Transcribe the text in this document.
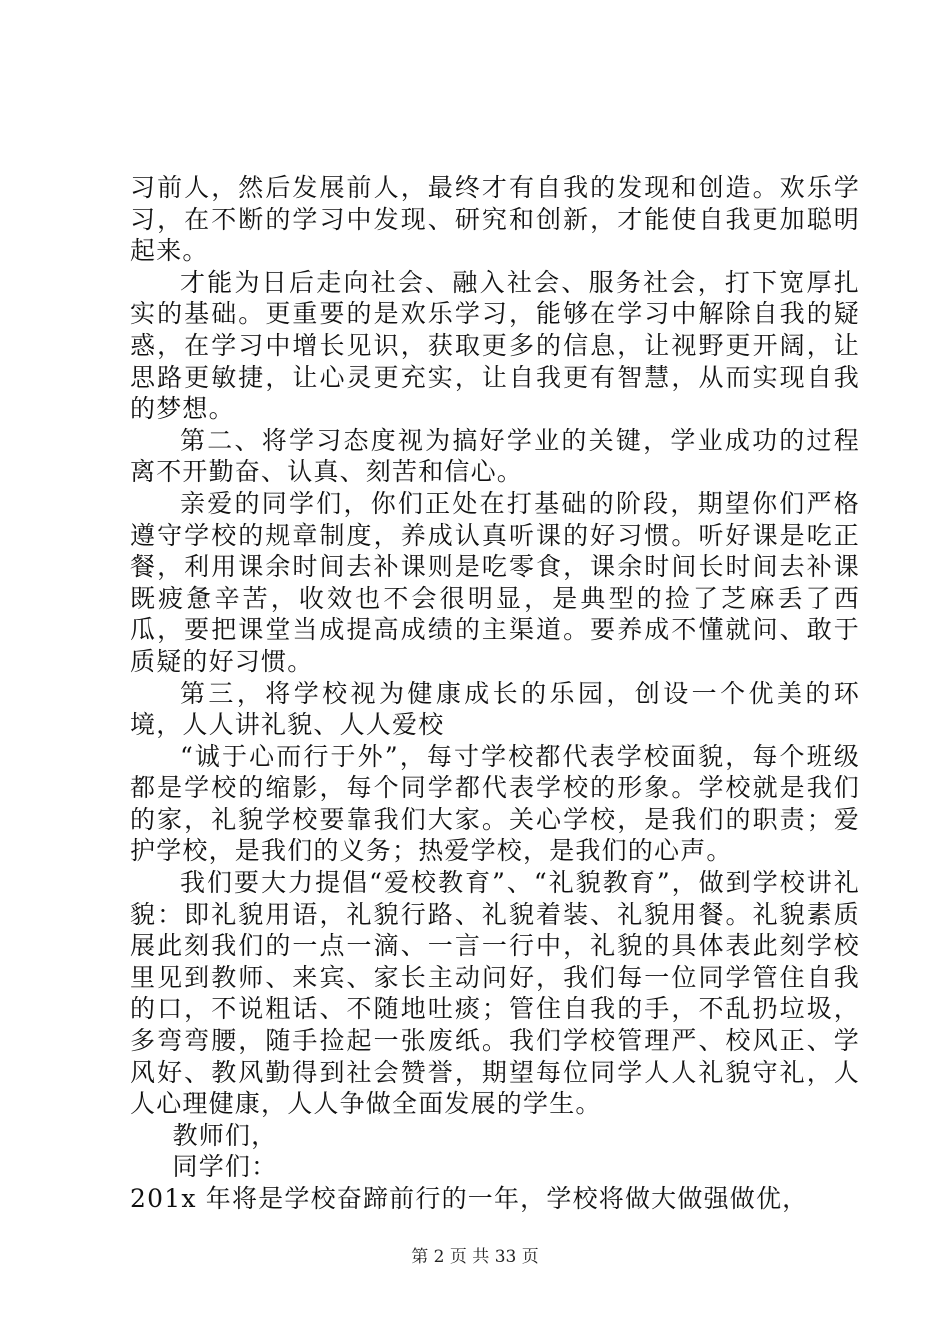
习前人，然后发展前人，最终才有自我的发现和创造。欢乐学习，在不断的学习中发现、研究和创新，才能使自我更加聪明起来。

才能为日后走向社会、融入社会、服务社会，打下宽厚扎实的基础。更重要的是欢乐学习，能够在学习中解除自我的疑惑，在学习中增长见识，获取更多的信息，让视野更开阔，让思路更敏捷，让心灵更充实，让自我更有智慧，从而实现自我的梦想。

第二、将学习态度视为搞好学业的关键，学业成功的过程离不开勤奋、认真、刻苦和信心。

亲爱的同学们，你们正处在打基础的阶段，期望你们严格遵守学校的规章制度，养成认真听课的好习惯。听好课是吃正餐，利用课余时间去补课则是吃零食，课余时间长时间去补课既疲惫辛苦，收效也不会很明显，是典型的捡了芝麻丢了西瓜，要把课堂当成提高成绩的主渠道。要养成不懂就问、敢于质疑的好习惯。

第三，将学校视为健康成长的乐园，创设一个优美的环境，人人讲礼貌、人人爱校

“诚于心而行于外”，每寸学校都代表学校面貌，每个班级都是学校的缩影，每个同学都代表学校的形象。学校就是我们的家，礼貌学校要靠我们大家。关心学校，是我们的职责；爱护学校，是我们的义务；热爱学校，是我们的心声。

我们要大力提倡“爱校教育”、“礼貌教育”，做到学校讲礼貌：即礼貌用语，礼貌行路、礼貌着装、礼貌用餐。礼貌素质展此刻我们的一点一滴、一言一行中，礼貌的具体表此刻学校里见到教师、来宾、家长主动问好，我们每一位同学管住自我的口，不说粗话、不随地吐痰；管住自我的手，不乱扔垃圾，多弯弯腰，随手捡起一张废纸。我们学校管理严、校风正、学风好、教风勤得到社会赞誉，期望每位同学人人礼貌守礼，人人心理健康，人人争做全面发展的学生。

教师们，

同学们：

201x 年将是学校奋蹄前行的一年，学校将做大做强做优，

第 2 页 共 33 页
